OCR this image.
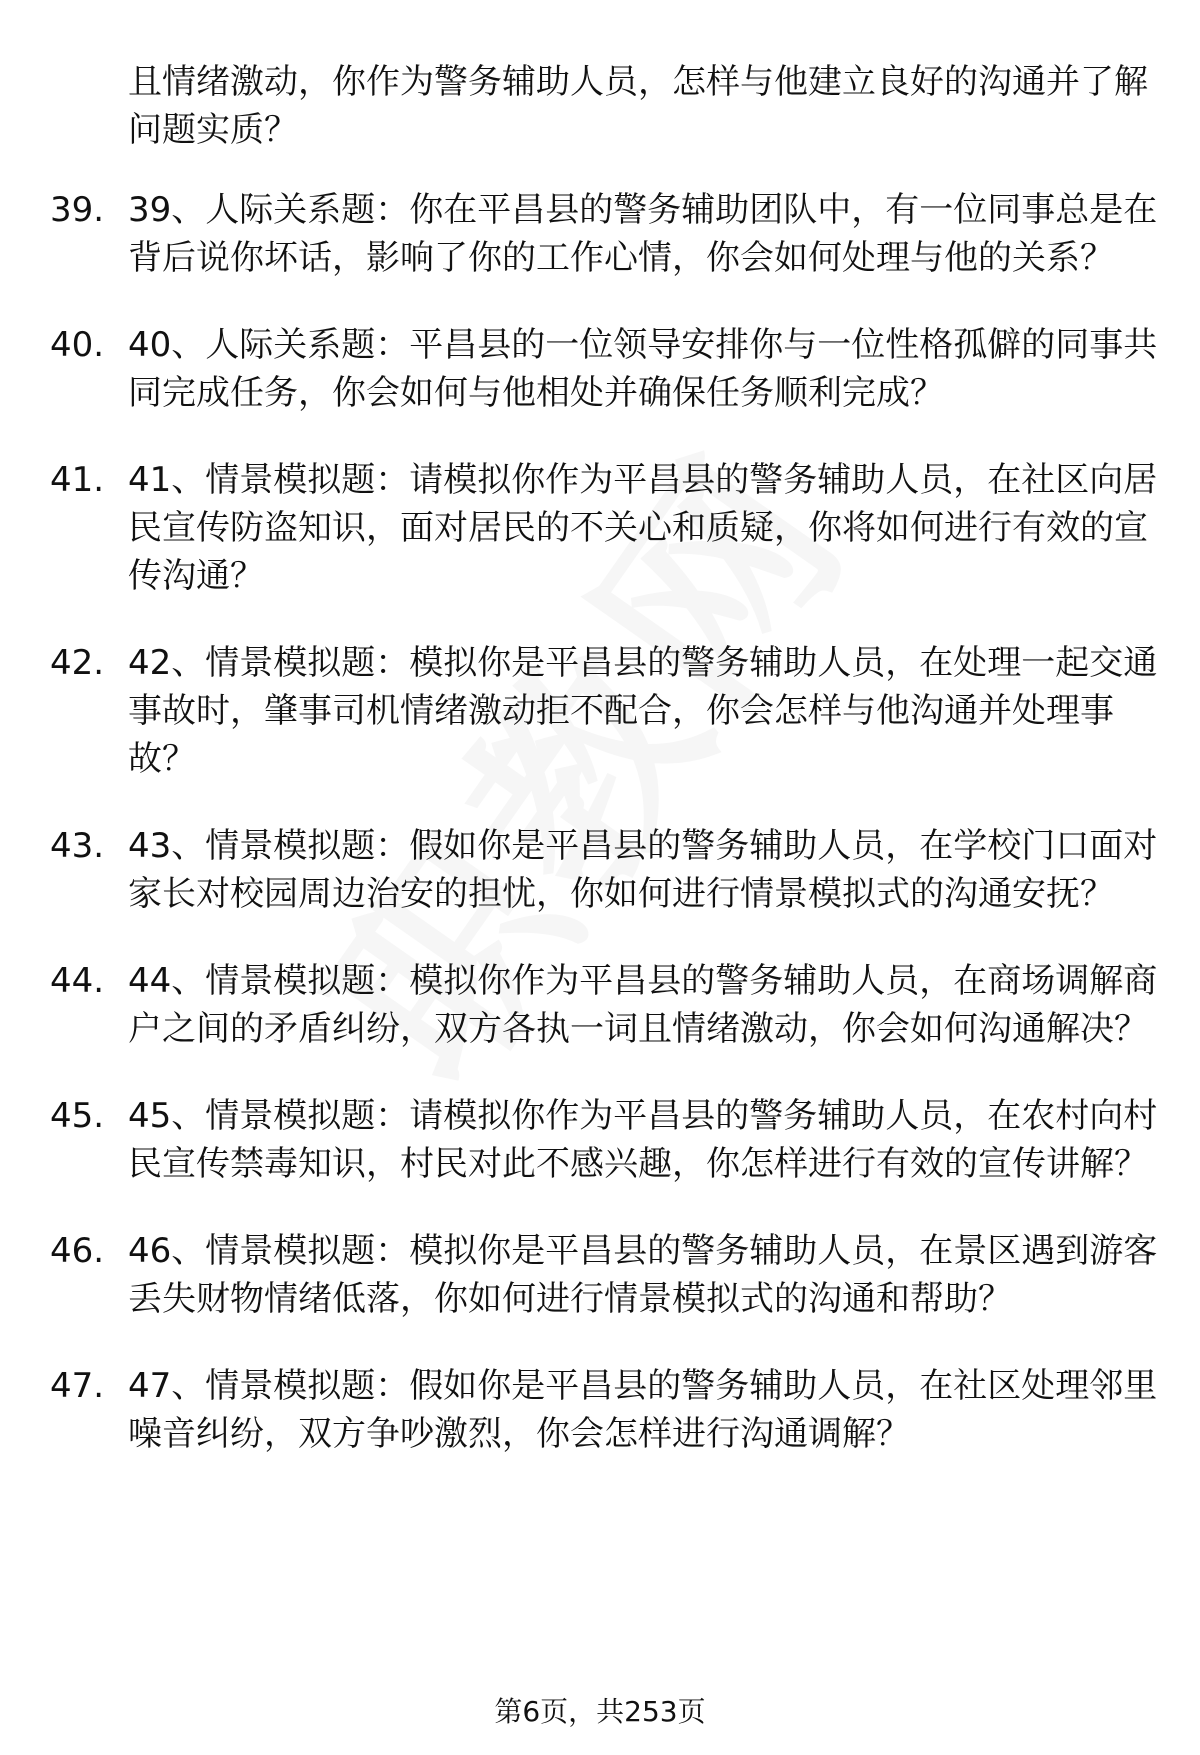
且情绪激动，你作为警务辅助人员，怎样与他建立良好的沟通并了解问题实质？
39. 39、人际关系题：你在平昌县的警务辅助团队中，有一位同事总是在背后说你坏话，影响了你的工作心情，你会如何处理与他的关系？
40. 40、人际关系题：平昌县的一位领导安排你与一位性格孤僻的同事共同完成任务，你会如何与他相处并确保任务顺利完成？
41. 41、情景模拟题：请模拟你作为平昌县的警务辅助人员，在社区向居民宣传防盗知识，面对居民的不关心和质疑，你将如何进行有效的宣传沟通？
42. 42、情景模拟题：模拟你是平昌县的警务辅助人员，在处理一起交通事故时，肇事司机情绪激动拒不配合，你会怎样与他沟通并处理事故？
43. 43、情景模拟题：假如你是平昌县的警务辅助人员，在学校门口面对家长对校园周边治安的担忧，你如何进行情景模拟式的沟通安抚？
44. 44、情景模拟题：模拟你作为平昌县的警务辅助人员，在商场调解商户之间的矛盾纠纷，双方各执一词且情绪激动，你会如何沟通解决？
45. 45、情景模拟题：请模拟你作为平昌县的警务辅助人员，在农村向村民宣传禁毒知识，村民对此不感兴趣，你怎样进行有效的宣传讲解？
46. 46、情景模拟题：模拟你是平昌县的警务辅助人员，在景区遇到游客丢失财物情绪低落，你如何进行情景模拟式的沟通和帮助？
47. 47、情景模拟题：假如你是平昌县的警务辅助人员，在社区处理邻里噪音纠纷，双方争吵激烈，你会怎样进行沟通调解？
第6页，共253页
